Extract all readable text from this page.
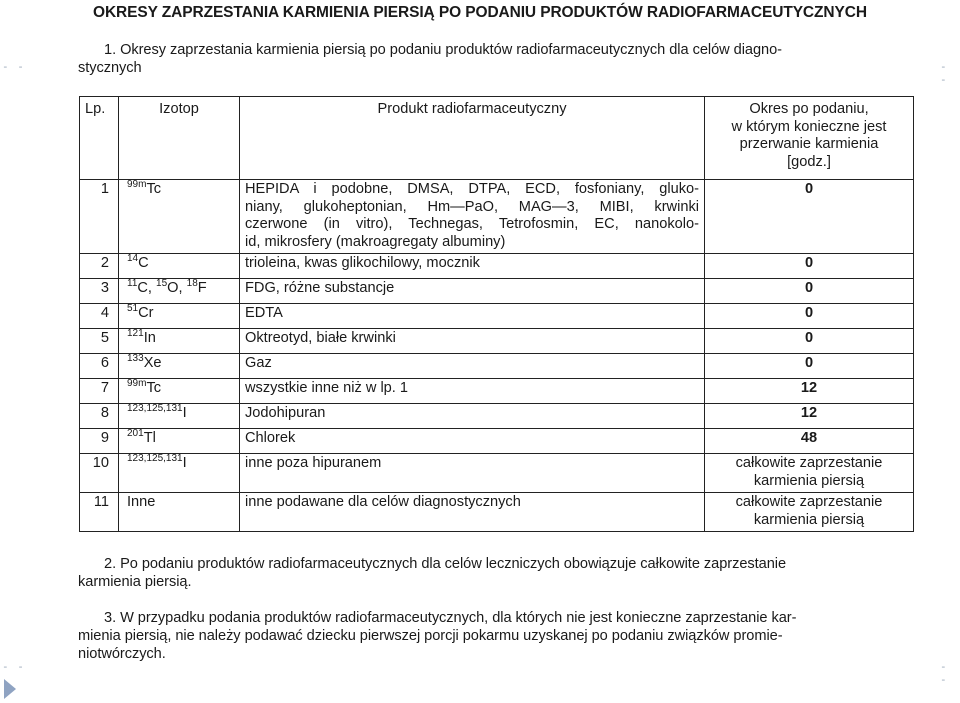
- -	- -
- -	- -
OKRESY ZAPRZESTANIA KARMIENIA PIERSIĄ PO PODANIU PRODUKTÓW RADIOFARMACEUTYCZNYCH
1. Okresy zaprzestania karmienia piersią po podaniu produktów radiofarmaceutycznych dla celów diagno-
stycznych
Lp.	Izotop	Produkt radiofarmaceutyczny	Okres po podaniu,
w którym konieczne jest
przerwanie karmienia
[godz.]

1	$^{99m}$Tc	HEPIDA i podobne, DMSA, DTPA, ECD, fosfoniany, gluko-
niany, glukoheptonian, Hm—PaO, MAG—3, MIBI, krwinki
czerwone (in vitro), Technegas, Tetrofosmin, EC, nanokolo-
id, mikrosfery (makroagregaty albuminy)	0

2	$^{14}$C	trioleina, kwas glikochilowy, mocznik	0

3	$^{11}$C, $^{15}$O, $^{18}$F	FDG, różne substancje	0

4	$^{51}$Cr	EDTA	0

5	$^{121}$In	Oktreotyd, białe krwinki	0

6	$^{133}$Xe	Gaz	0

7	$^{99m}$Tc	wszystkie inne niż w lp. 1	12

8	$^{123,125,131}$I	Jodohipuran	12

9	$^{201}$Tl	Chlorek	48

10	$^{123,125,131}$I	inne poza hipuranem	całkowite zaprzestanie
karmienia piersią

11	Inne	inne podawane dla celów diagnostycznych	całkowite zaprzestanie
karmienia piersią
2. Po podaniu produktów radiofarmaceutycznych dla celów leczniczych obowiązuje całkowite zaprzestanie
karmienia piersią.
3. W przypadku podania produktów radiofarmaceutycznych, dla których nie jest konieczne zaprzestanie kar-
mienia piersią, nie należy podawać dziecku pierwszej porcji pokarmu uzyskanej po podaniu związków promie-
niotwórczych.
